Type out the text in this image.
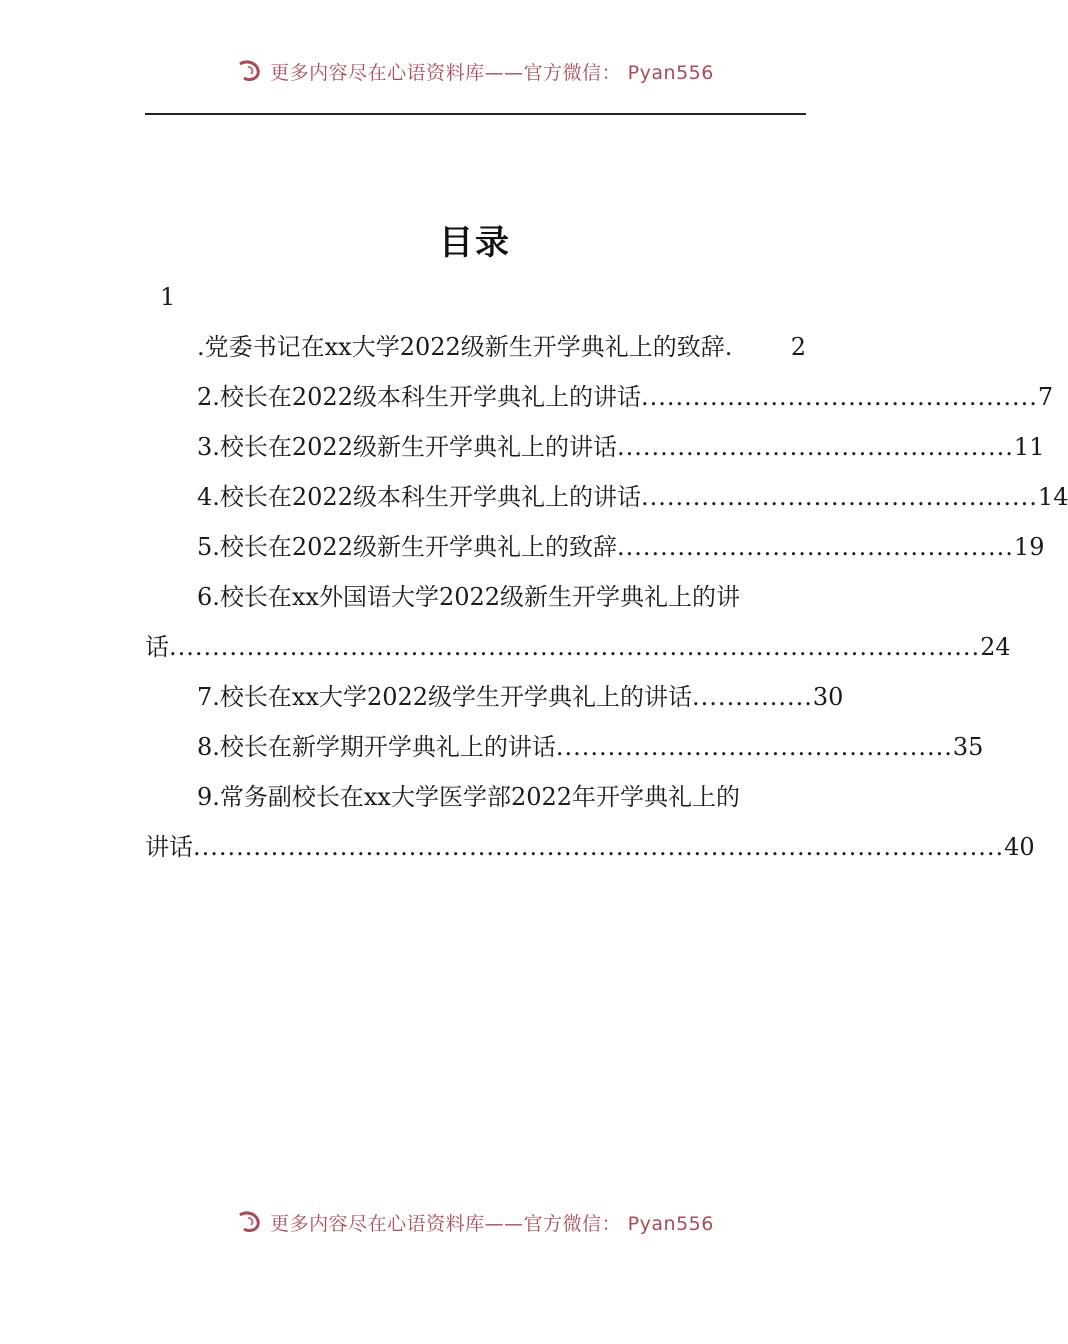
更多内容尽在心语资料库——官方微信： Pyan556
目录
1
.党委书记在xx大学2022级新生开学典礼上的致辞 .	2
2.校长在2022级本科生开学典礼上的讲话 .............................................. 7
3.校长在2022级新生开学典礼上的讲话 .............................................. 11
4.校长在2022级本科生开学典礼上的讲话 .............................................. 14
5.校长在2022级新生开学典礼上的致辞 .............................................. 19
6.校长在xx外国语大学2022级新生开学典礼上的讲
话 .............................................................................................. 24
7.校长在xx大学2022级学生开学典礼上的讲话 .............. 30
8.校长在新学期开学典礼上的讲话 .............................................. 35
9.常务副校长在xx大学医学部2022年开学典礼上的
讲话 .............................................................................................. 40
更多内容尽在心语资料库——官方微信： Pyan556
